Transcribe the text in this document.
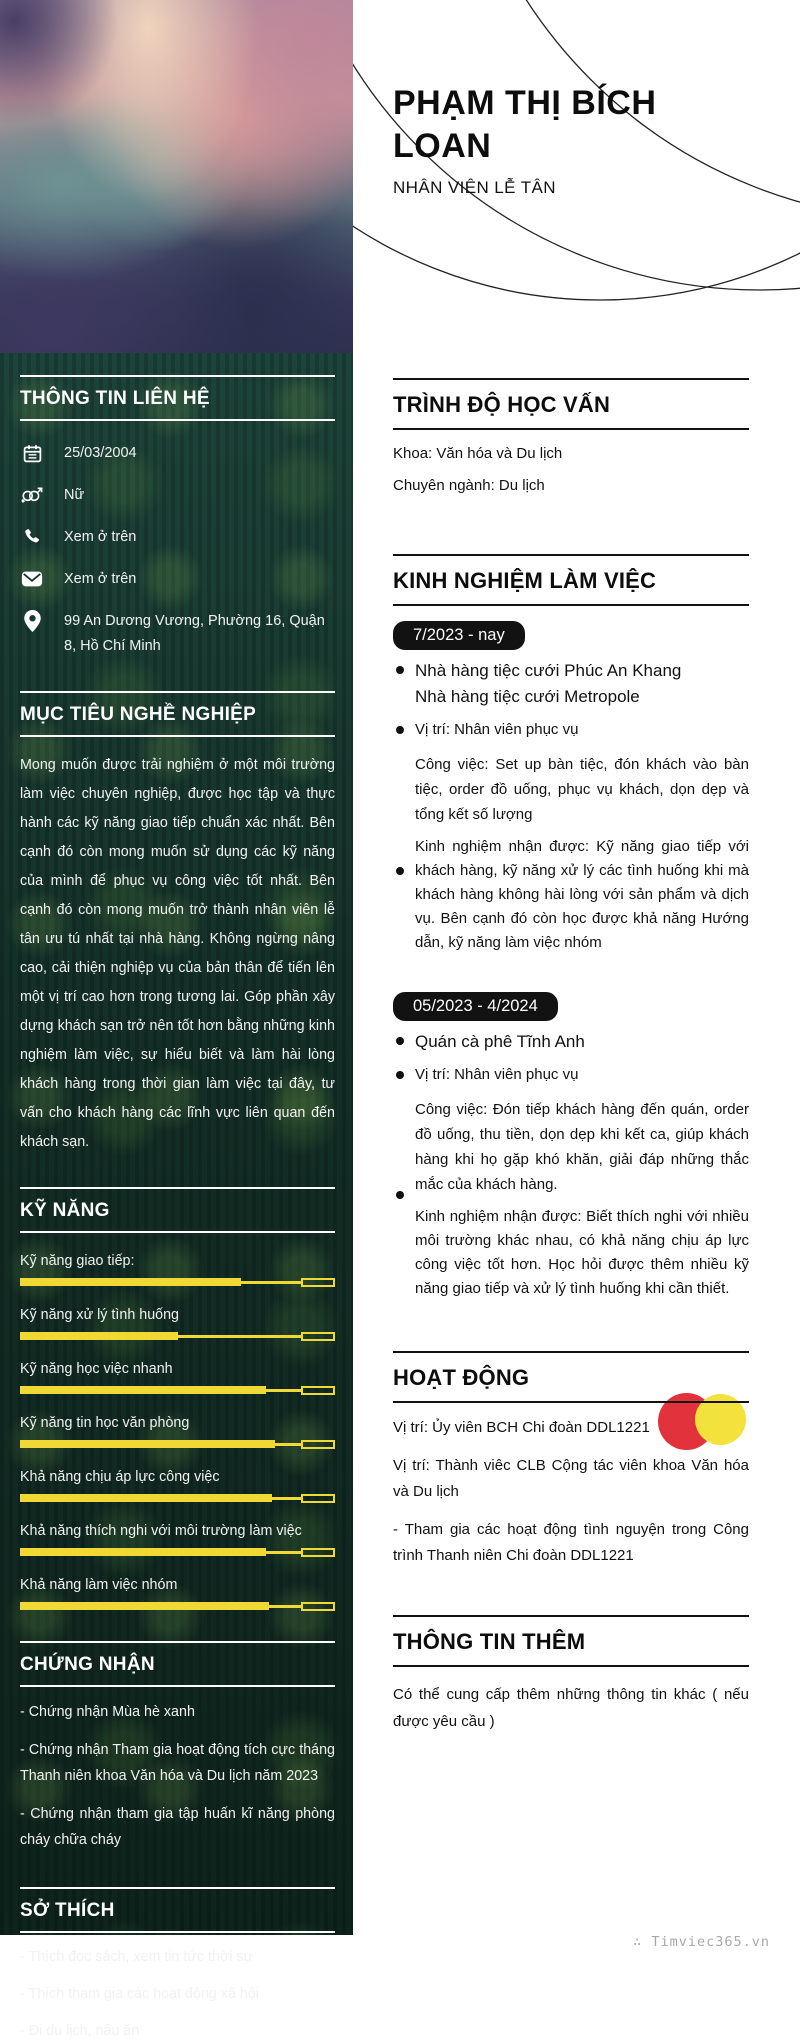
THÔNG TIN LIÊN HỆ
25/03/2004
Nữ
Xem ở trên
Xem ở trên
99 An Dương Vương, Phường 16, Quận 8, Hồ Chí Minh
MỤC TIÊU NGHỀ NGHIỆP

Mong muốn được trải nghiệm ở một môi trường làm việc chuyên nghiệp, được học tập và thực hành các kỹ năng giao tiếp chuẩn xác nhất. Bên cạnh đó còn mong muốn sử dụng các kỹ năng của mình để phục vụ công việc tốt nhất. Bên cạnh đó còn mong muốn trở thành nhân viên lễ tân ưu tú nhất tại nhà hàng. Không ngừng nâng cao, cải thiện nghiệp vụ của bản thân để tiến lên một vị trí cao hơn trong tương lai. Góp phần xây dựng khách sạn trở nên tốt hơn bằng những kinh nghiệm làm việc, sự hiểu biết và làm hài lòng khách hàng trong thời gian làm việc tại đây, tư vấn cho khách hàng các lĩnh vực liên quan đến khách sạn.

KỸ NĂNG
Kỹ năng giao tiếp:
Kỹ năng xử lý tình huống
Kỹ năng học việc nhanh
Kỹ năng tin học văn phòng
Khả năng chịu áp lực công việc
Khả năng thích nghi với môi trường làm việc
Khả năng làm việc nhóm
CHỨNG NHẬN
- Chứng nhận Mùa hè xanh
- Chứng nhận Tham gia hoạt động tích cực tháng Thanh niên khoa Văn hóa và Du lịch năm 2023
- Chứng nhận tham gia tập huấn kĩ năng phòng cháy chữa cháy
SỞ THÍCH
- Thích đọc sách, xem tin tức thời sự
- Thích tham gia các hoạt động xã hội
- Đi du lịch, nấu ăn
PHẠM THỊ BÍCH LOAN
NHÂN VIÊN LỄ TÂN
TRÌNH ĐỘ HỌC VẤN
Khoa: Văn hóa và Du lịch
Chuyên ngành: Du lịch
KINH NGHIỆM LÀM VIỆC
7/2023 - nay
Nhà hàng tiệc cưới Phúc An Khang
Nhà hàng tiệc cưới Metropole
Vị trí: Nhân viên phục vụ

Công việc: Set up bàn tiệc, đón khách vào bàn tiệc, order đồ uống, phục vụ khách, dọn dẹp và tổng kết số lượng

Kinh nghiệm nhận được: Kỹ năng giao tiếp với khách hàng, kỹ năng xử lý các tình huống khi mà khách hàng không hài lòng với sản phẩm và dịch vụ. Bên cạnh đó còn học được khả năng Hướng dẫn, kỹ năng làm việc nhóm
05/2023 - 4/2024
Quán cà phê Tĩnh Anh
Vị trí: Nhân viên phục vụ

Công việc: Đón tiếp khách hàng đến quán, order đồ uống, thu tiền, dọn dẹp khi kết ca, giúp khách hàng khi họ gặp khó khăn, giải đáp những thắc mắc của khách hàng.

Kinh nghiệm nhận được: Biết thích nghi với nhiều môi trường khác nhau, có khả năng chịu áp lực công việc tốt hơn. Học hỏi được thêm nhiều kỹ năng giao tiếp và xử lý tình huống khi cần thiết.
HOẠT ĐỘNG
Vị trí: Ủy viên BCH Chi đoàn DDL1221
Vị trí: Thành viêc CLB Cộng tác viên khoa Văn hóa và Du lịch
- Tham gia các hoạt động tình nguyện trong Công trình Thanh niên Chi đoàn DDL1221
THÔNG TIN THÊM
Có thể cung cấp thêm những thông tin khác ( nếu được yêu cầu )
∴ Timviec365.vn
